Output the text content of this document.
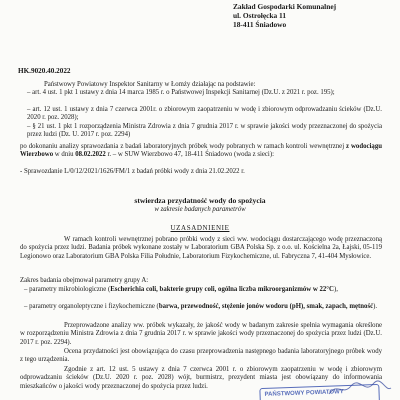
Zakład Gospodarki Komunalnej
ul. Ostrołęcka 11
18-411 Śniadowo
HK.9020.40.2022
Państwowy Powiatowy Inspektor Sanitarny w Łomży działając na podstawie:
– art. 4 ust. 1 pkt 1 ustawy z dnia 14 marca 1985 r. o Państwowej Inspekcji Sanitarnej (Dz.U. z 2021 r. poz. 195);
– art. 12 ust. 1 ustawy z dnia 7 czerwca 2001r. o zbiorowym zaopatrzeniu w wodę i zbiorowym odprowadzaniu ścieków (Dz.U. 2020 r. poz. 2028);
– § 21 ust. 1 pkt 1 rozporządzenia Ministra Zdrowia z dnia 7 grudnia 2017 r. w sprawie jakości wody przeznaczonej do spożycia przez ludzi (Dz. U. 2017 r. poz. 2294)
po dokonaniu analizy sprawozdania z badań laboratoryjnych próbek wody pobranych w ramach kontroli wewnętrznej z wodociągu Wierzbowo w dniu 08.02.2022 r. – w SUW Wierzbowo 47, 18-411 Śniadowo (woda z sieci):
- Sprawozdanie L/0/12/2021/1626/FM/1 z badań próbki wody z dnia 21.02.2022 r.
stwierdza przydatność wody do spożycia
w zakresie badanych parametrów
UZASADNIENIE
W ramach kontroli wewnętrznej pobrano próbki wody z sieci ww. wodociągu dostarczającego wodę przeznaczoną do spożycia przez ludzi. Badania próbek wykonane zostały w Laboratorium GBA Polska Sp. z o.o. ul. Kościelna 2a, Łajski, 05-119 Legionowo oraz Laboratorium GBA Polska Filia Południe, Laboratorium Fizykochemiczne, ul. Fabryczna 7, 41-404 Mysłowice.
Zakres badania obejmował parametry grupy A:
– parametry mikrobiologiczne (Escherichia coli, bakterie grupy coli, ogólna liczba mikroorganizmów w 22°C),
– parametry organoleptyczne i fizykochemiczne (barwa, przewodność, stężenie jonów wodoru (pH), smak, zapach, mętność).
Przeprowadzone analizy ww. próbek wykazały, że jakość wody w badanym zakresie spełnia wymagania określone w rozporządzeniu Ministra Zdrowia z dnia 7 grudnia 2017 r. w sprawie jakości wody przeznaczonej do spożycia przez ludzi (Dz.U. 2017 r. poz. 2294).
Ocena przydatności jest obowiązująca do czasu przeprowadzenia następnego badania laboratoryjnego próbek wody z tego urządzenia.
Zgodnie z art. 12 ust. 5 ustawy z dnia 7 czerwca 2001 r. o zbiorowym zaopatrzeniu w wodę i zbiorowym odprowadzaniu ścieków (Dz.U. 2020 r. poz. 2028) wójt, burmistrz, prezydent miasta jest obowiązany do informowania mieszkańców o jakości wody przeznaczonej do spożycia przez ludzi.
PAŃSTWOWY POWIATOWY
